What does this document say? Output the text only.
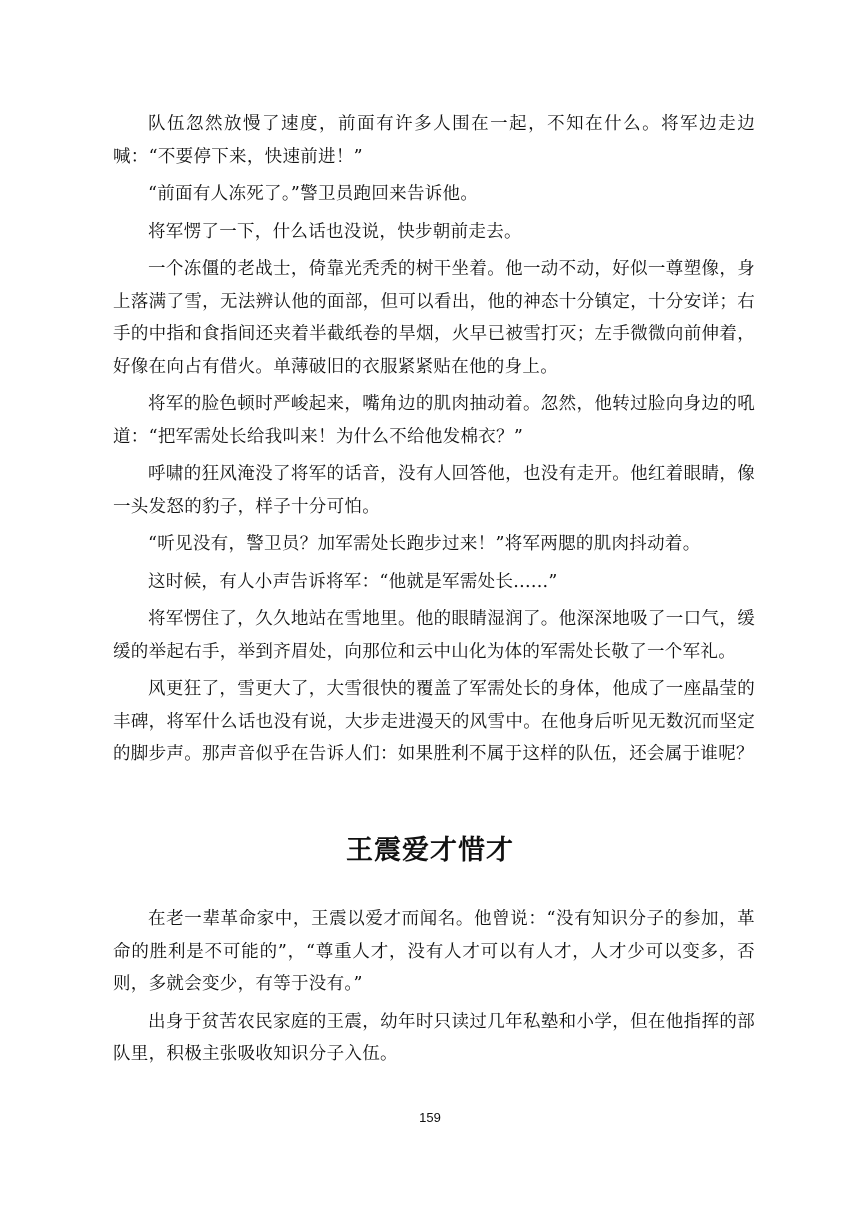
队伍忽然放慢了速度，前面有许多人围在一起，不知在什么。将军边走边喊：“不要停下来，快速前进！”

“前面有人冻死了。”警卫员跑回来告诉他。

将军愣了一下，什么话也没说，快步朝前走去。

一个冻僵的老战士，倚靠光秃秃的树干坐着。他一动不动，好似一尊塑像，身上落满了雪，无法辨认他的面部，但可以看出，他的神态十分镇定，十分安详；右手的中指和食指间还夹着半截纸卷的旱烟，火早已被雪打灭；左手微微向前伸着，好像在向占有借火。单薄破旧的衣服紧紧贴在他的身上。

将军的脸色顿时严峻起来，嘴角边的肌肉抽动着。忽然，他转过脸向身边的吼道：“把军需处长给我叫来！为什么不给他发棉衣？”

呼啸的狂风淹没了将军的话音，没有人回答他，也没有走开。他红着眼睛，像一头发怒的豹子，样子十分可怕。

“听见没有，警卫员？加军需处长跑步过来！”将军两腮的肌肉抖动着。

这时候，有人小声告诉将军：“他就是军需处长......”

将军愣住了，久久地站在雪地里。他的眼睛湿润了。他深深地吸了一口气，缓缓的举起右手，举到齐眉处，向那位和云中山化为体的军需处长敬了一个军礼。

风更狂了，雪更大了，大雪很快的覆盖了军需处长的身体，他成了一座晶莹的丰碑，将军什么话也没有说，大步走进漫天的风雪中。在他身后听见无数沉而坚定的脚步声。那声音似乎在告诉人们：如果胜利不属于这样的队伍，还会属于谁呢？

王震爱才惜才

在老一辈革命家中，王震以爱才而闻名。他曾说：“没有知识分子的参加，革命的胜利是不可能的”，“尊重人才，没有人才可以有人才，人才少可以变多，否则，多就会变少，有等于没有。”

出身于贫苦农民家庭的王震，幼年时只读过几年私塾和小学，但在他指挥的部队里，积极主张吸收知识分子入伍。

159
